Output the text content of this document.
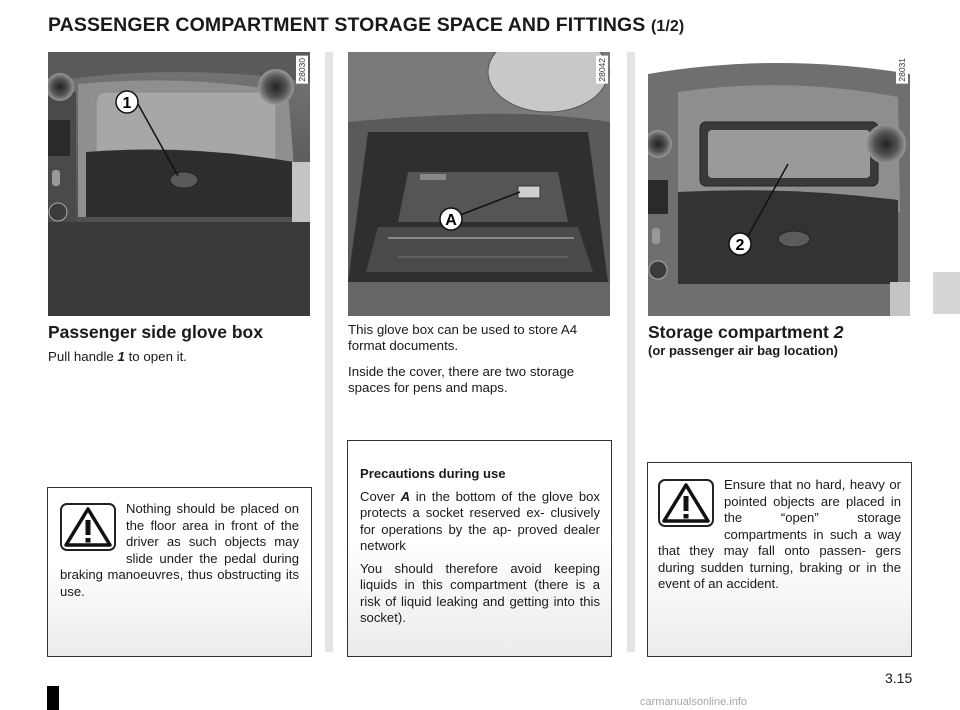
PASSENGER COMPARTMENT STORAGE SPACE AND FITTINGS (1/2)
1
28030
A
28042
2
28031
Passenger side glove box
Pull handle 1 to open it.
Nothing should be placed on the floor area in front of the driver as such objects may slide under the pedal during braking manoeuvres, thus obstructing its use.
This glove box can be used to store A4 format documents.
Inside the cover, there are two storage spaces for pens and maps.
Precautions during use

Cover A in the bottom of the glove box protects a socket reserved ex- clusively for operations by the ap- proved dealer network

You should therefore avoid keeping liquids in this compartment (there is a risk of liquid leaking and getting into this socket).

Storage compartment 2
(or passenger air bag location)
Ensure that no hard, heavy or pointed objects are placed in the “open” storage compartments in such a way that they may fall onto passen- gers during sudden turning, braking or in the event of an accident.
3.15
carmanualsonline.info
